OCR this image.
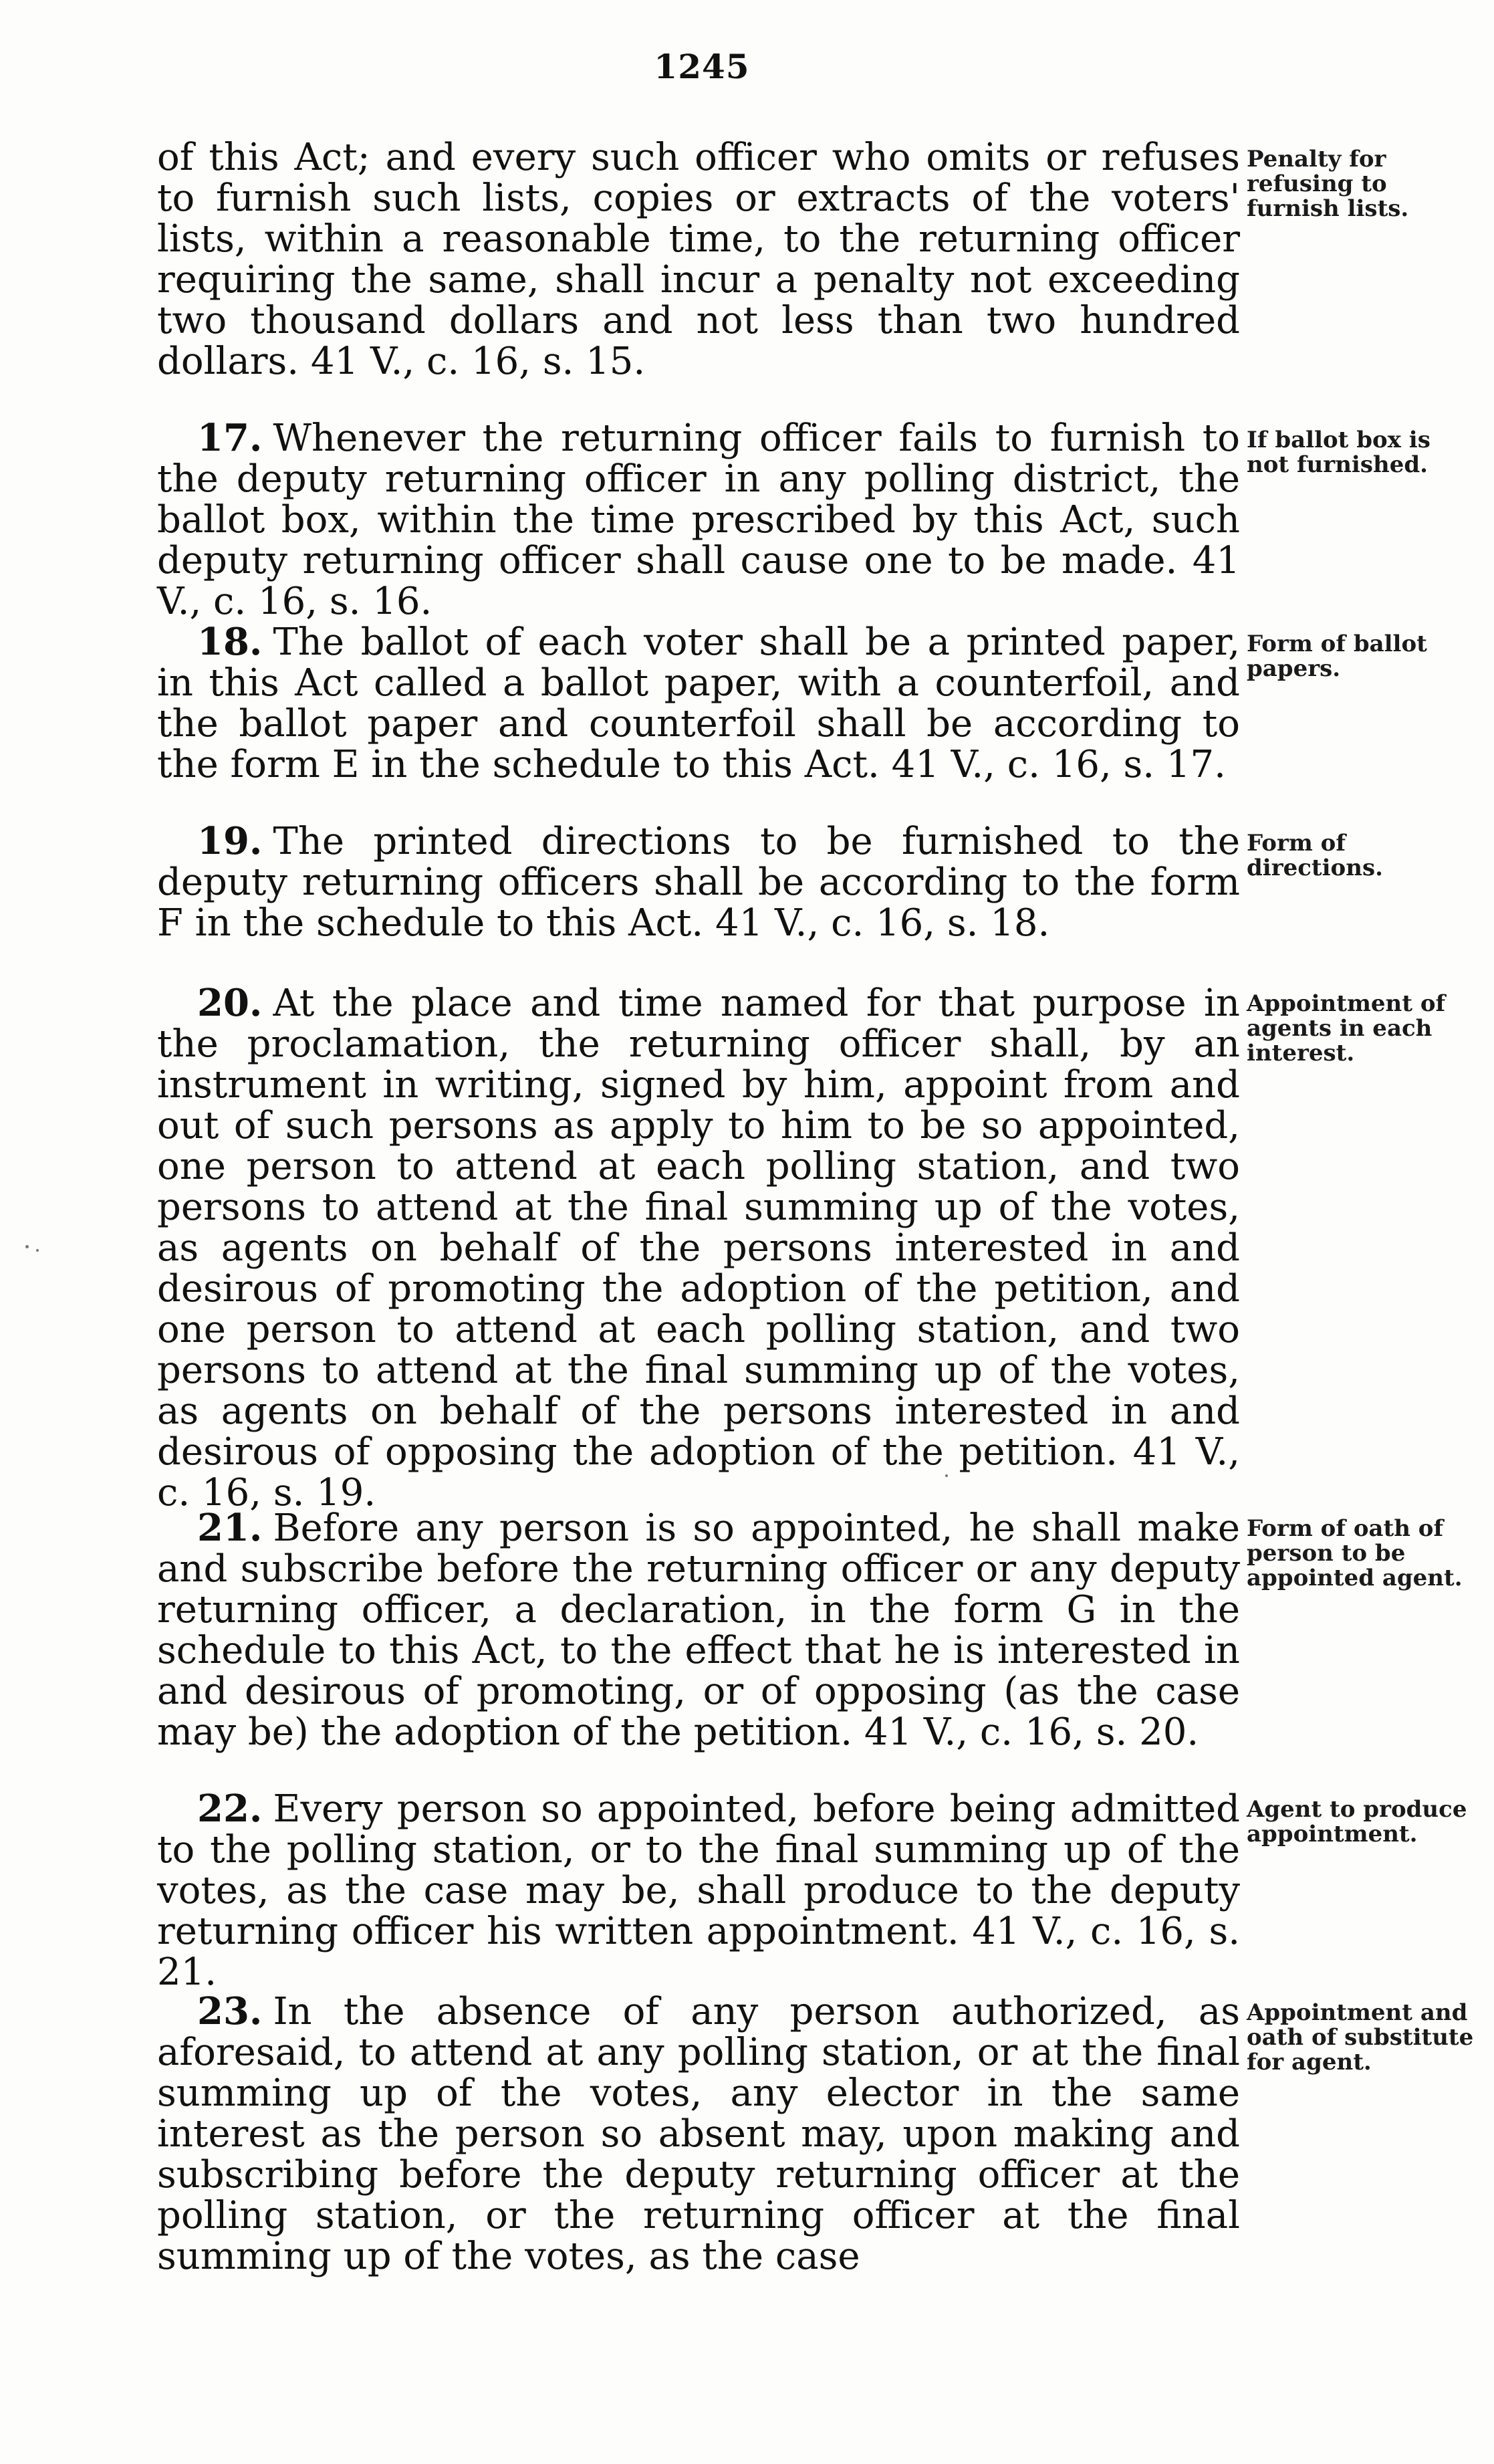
1245

of this Act; and every such officer who omits or refuses to furnish such lists, copies or extracts of the voters' lists, within a reasonable time, to the returning officer requiring the same, shall incur a penalty not exceeding two thousand dollars and not less than two hundred dollars. 41 V., c. 16, s. 15.

Penalty for refusing to furnish lists.

17. Whenever the returning officer fails to furnish to the deputy returning officer in any polling district, the ballot box, within the time prescribed by this Act, such deputy returning officer shall cause one to be made. 41 V., c. 16, s. 16.

If ballot box is not furnished.

18. The ballot of each voter shall be a printed paper, in this Act called a ballot paper, with a counterfoil, and the ballot paper and counterfoil shall be according to the form E in the schedule to this Act. 41 V., c. 16, s. 17.

Form of ballot papers.

19. The printed directions to be furnished to the deputy returning officers shall be according to the form F in the schedule to this Act. 41 V., c. 16, s. 18.

Form of directions.

20. At the place and time named for that purpose in the proclamation, the returning officer shall, by an instrument in writing, signed by him, appoint from and out of such persons as apply to him to be so appointed, one person to attend at each polling station, and two persons to attend at the final summing up of the votes, as agents on behalf of the persons interested in and desirous of promoting the adoption of the petition, and one person to attend at each polling station, and two persons to attend at the final summing up of the votes, as agents on behalf of the persons interested in and desirous of opposing the adoption of the petition. 41 V., c. 16, s. 19.

Appointment of agents in each interest.

21. Before any person is so appointed, he shall make and subscribe before the returning officer or any deputy returning officer, a declaration, in the form G in the schedule to this Act, to the effect that he is interested in and desirous of promoting, or of opposing (as the case may be) the adoption of the petition. 41 V., c. 16, s. 20.

Form of oath of person to be appointed agent.

22. Every person so appointed, before being admitted to the polling station, or to the final summing up of the votes, as the case may be, shall produce to the deputy returning officer his written appointment. 41 V., c. 16, s. 21.

Agent to produce appointment.

23. In the absence of any person authorized, as aforesaid, to attend at any polling station, or at the final summing up of the votes, any elector in the same interest as the person so absent may, upon making and subscribing before the deputy returning officer at the polling station, or the returning officer at the final summing up of the votes, as the case

Appointment and oath of substitute for agent.
